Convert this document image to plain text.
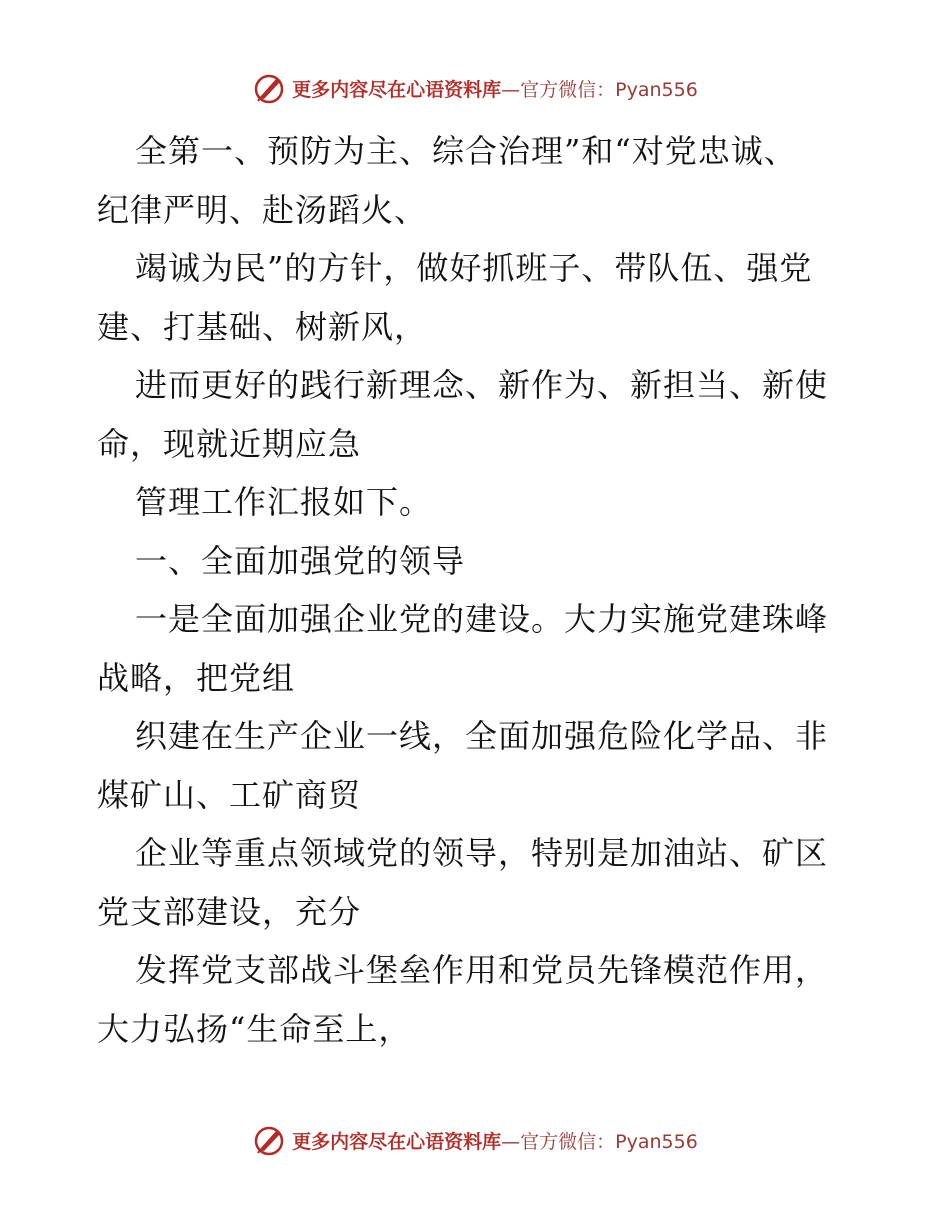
更多内容尽在心语资料库—官方微信：Pyan556
全第一、预防为主、综合治理”和“对党忠诚、
纪律严明、赴汤蹈火、
竭诚为民”的方针，做好抓班子、带队伍、强党
建、打基础、树新风，
进而更好的践行新理念、新作为、新担当、新使
命，现就近期应急
管理工作汇报如下。
一、全面加强党的领导
一是全面加强企业党的建设。大力实施党建珠峰
战略，把党组
织建在生产企业一线，全面加强危险化学品、非
煤矿山、工矿商贸
企业等重点领域党的领导，特别是加油站、矿区
党支部建设，充分
发挥党支部战斗堡垒作用和党员先锋模范作用，
大力弘扬“生命至上，
更多内容尽在心语资料库—官方微信：Pyan556
